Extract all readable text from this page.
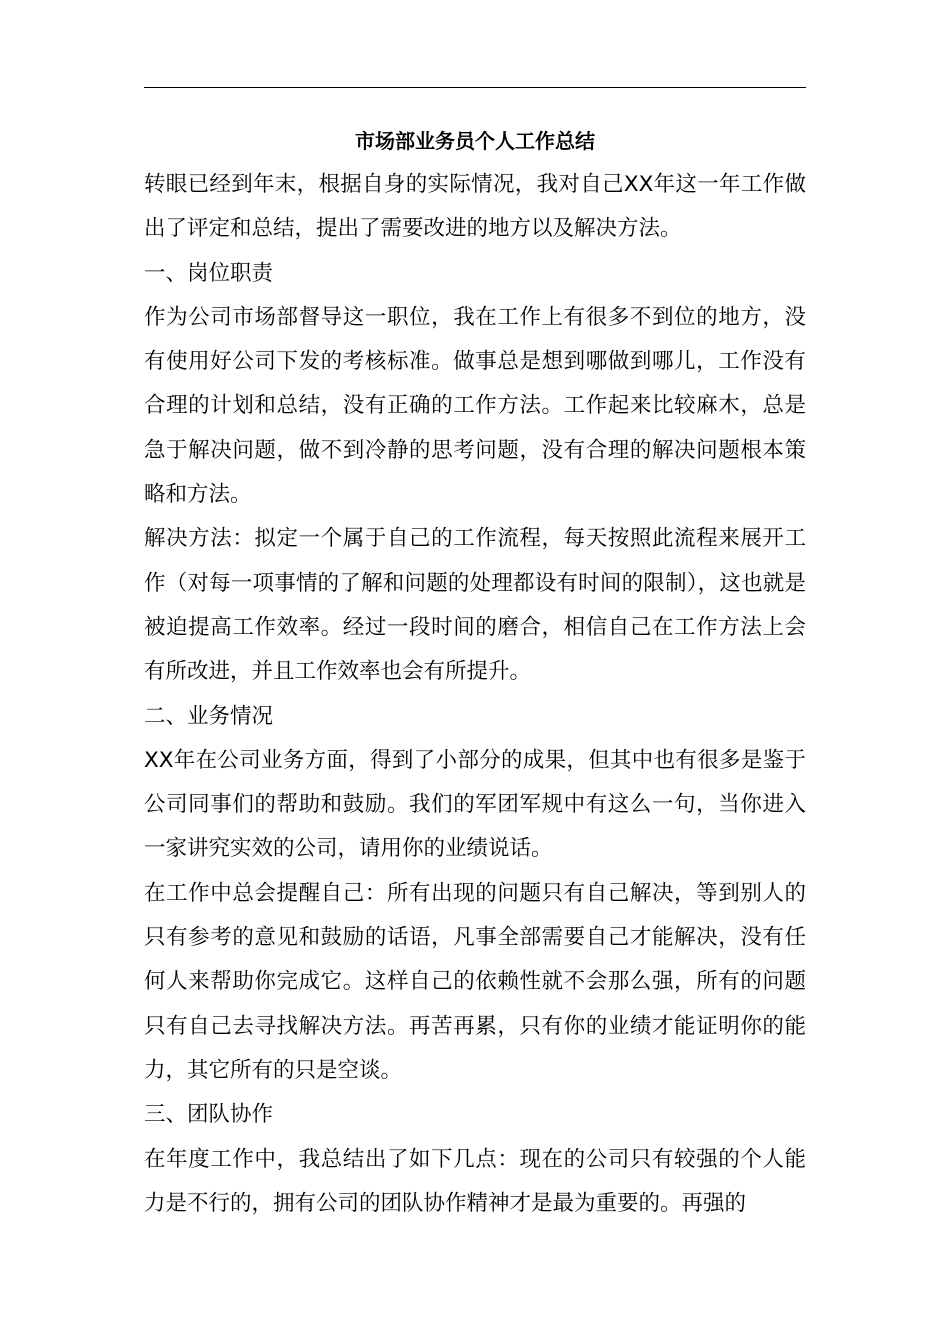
市场部业务员个人工作总结

转眼已经到年末，根据自身的实际情况，我对自己XX年这一年工作做出了评定和总结，提出了需要改进的地方以及解决方法。

一、岗位职责

作为公司市场部督导这一职位，我在工作上有很多不到位的地方，没有使用好公司下发的考核标准。做事总是想到哪做到哪儿，工作没有合理的计划和总结，没有正确的工作方法。工作起来比较麻木，总是急于解决问题，做不到冷静的思考问题，没有合理的解决问题根本策略和方法。

解决方法：拟定一个属于自己的工作流程，每天按照此流程来展开工作（对每一项事情的了解和问题的处理都设有时间的限制），这也就是被迫提高工作效率。经过一段时间的磨合，相信自己在工作方法上会有所改进，并且工作效率也会有所提升。

二、业务情况

XX年在公司业务方面，得到了小部分的成果，但其中也有很多是鉴于公司同事们的帮助和鼓励。我们的军团军规中有这么一句，当你进入一家讲究实效的公司，请用你的业绩说话。

在工作中总会提醒自己：所有出现的问题只有自己解决，等到别人的只有参考的意见和鼓励的话语，凡事全部需要自己才能解决，没有任何人来帮助你完成它。这样自己的依赖性就不会那么强，所有的问题只有自己去寻找解决方法。再苦再累，只有你的业绩才能证明你的能力，其它所有的只是空谈。

三、团队协作

在年度工作中，我总结出了如下几点：现在的公司只有较强的个人能力是不行的，拥有公司的团队协作精神才是最为重要的。再强的
